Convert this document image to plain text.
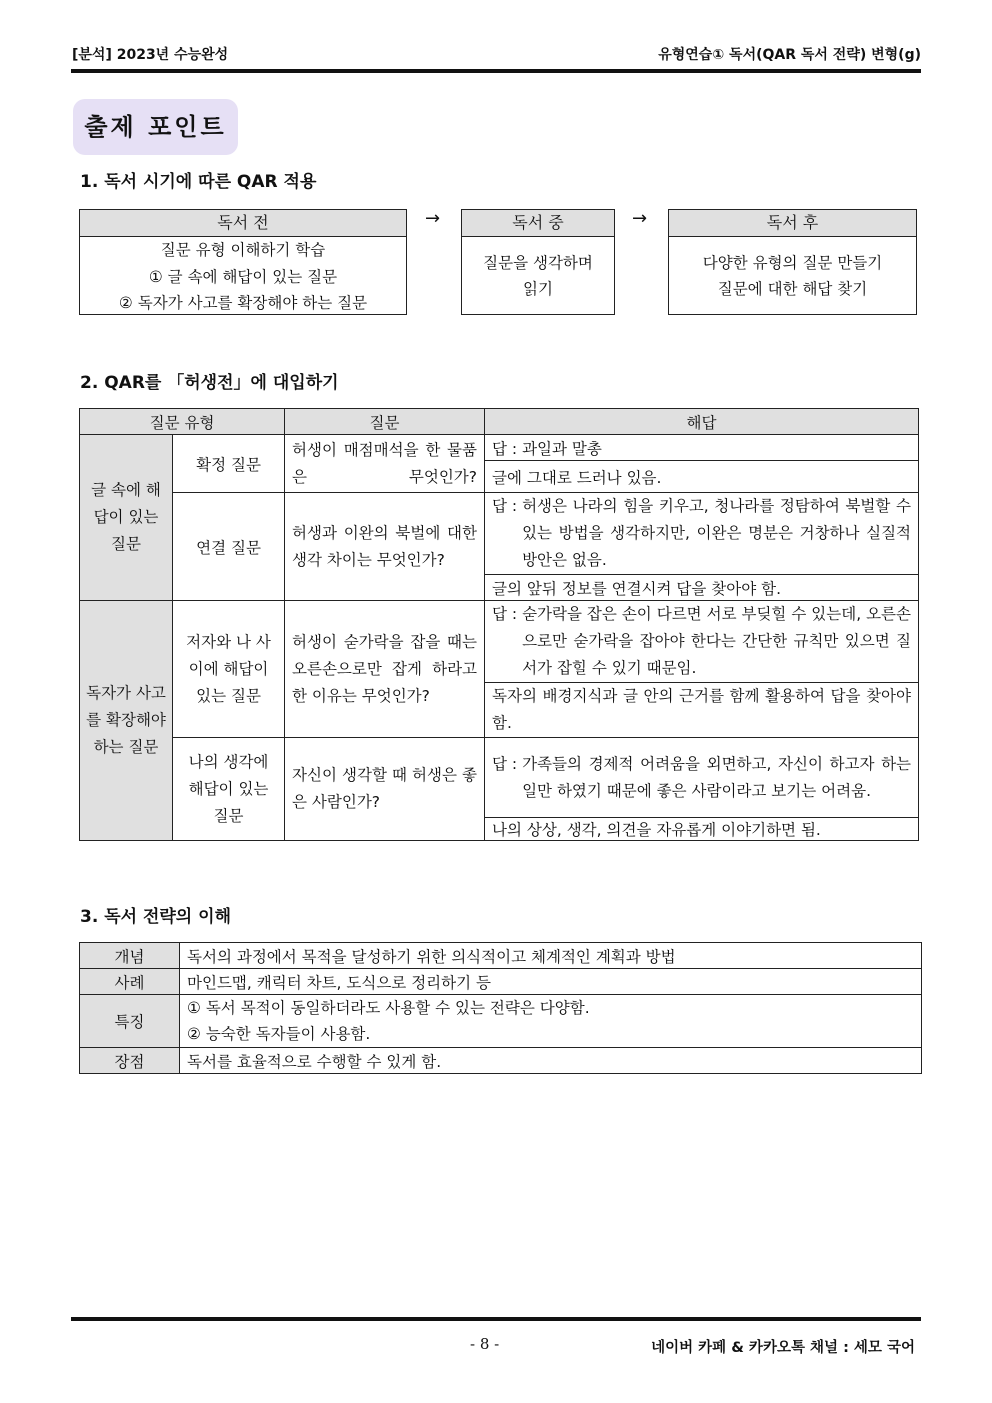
[분석] 2023년 수능완성	유형연습① 독서(QAR 독서 전략) 변형(g)
출제 포인트
1. 독서 시기에 따른 QAR 적용
독서 전
질문 유형 이해하기 학습
① 글 속에 해답이 있는 질문
② 독자가 사고를 확장해야 하는 질문
→	독서 중
질문을 생각하며
읽기
→	독서 후
다양한 유형의 질문 만들기
질문에 대한 해답 찾기
2. QAR를 「허생전」에 대입하기
질문 유형		질문	해답
글 속에 해답이 있는 질문	확정 질문	허생이 매점매석을 한 물품은 무엇인가?	답 : 과일과 말총

			글에 그대로 드러나 있음.
	연결 질문	허생과 이완의 북벌에 대한 생각 차이는 무엇인가?	답 : 허생은 나라의 힘을 키우고, 청나라를 정탐하여 북벌할 수 있는 방법을 생각하지만, 이완은 명분은 거창하나 실질적 방안은 없음.

			글의 앞뒤 정보를 연결시켜 답을 찾아야 함.
독자가 사고를 확장해야 하는 질문	저자와 나 사이에 해답이 있는 질문	허생이 숟가락을 잡을 때는 오른손으로만 잡게 하라고 한 이유는 무엇인가?	답 : 숟가락을 잡은 손이 다르면 서로 부딪힐 수 있는데, 오른손으로만 숟가락을 잡아야 한다는 간단한 규칙만 있으면 질서가 잡힐 수 있기 때문임.

			독자의 배경지식과 글 안의 근거를 함께 활용하여 답을 찾아야 함.
	나의 생각에 해답이 있는 질문	자신이 생각할 때 허생은 좋은 사람인가?	답 : 가족들의 경제적 어려움을 외면하고, 자신이 하고자 하는 일만 하였기 때문에 좋은 사람이라고 보기는 어려움.

			나의 상상, 생각, 의견을 자유롭게 이야기하면 됨.
3. 독서 전략의 이해
개념	독서의 과정에서 목적을 달성하기 위한 의식적이고 체계적인 계획과 방법
사례	마인드맵, 캐릭터 차트, 도식으로 정리하기 등
특징	① 독서 목적이 동일하더라도 사용할 수 있는 전략은 다양함.
② 능숙한 독자들이 사용함.

장점	독서를 효율적으로 수행할 수 있게 함.
- 8 -	네이버 카페 & 카카오톡 채널 : 세모 국어
